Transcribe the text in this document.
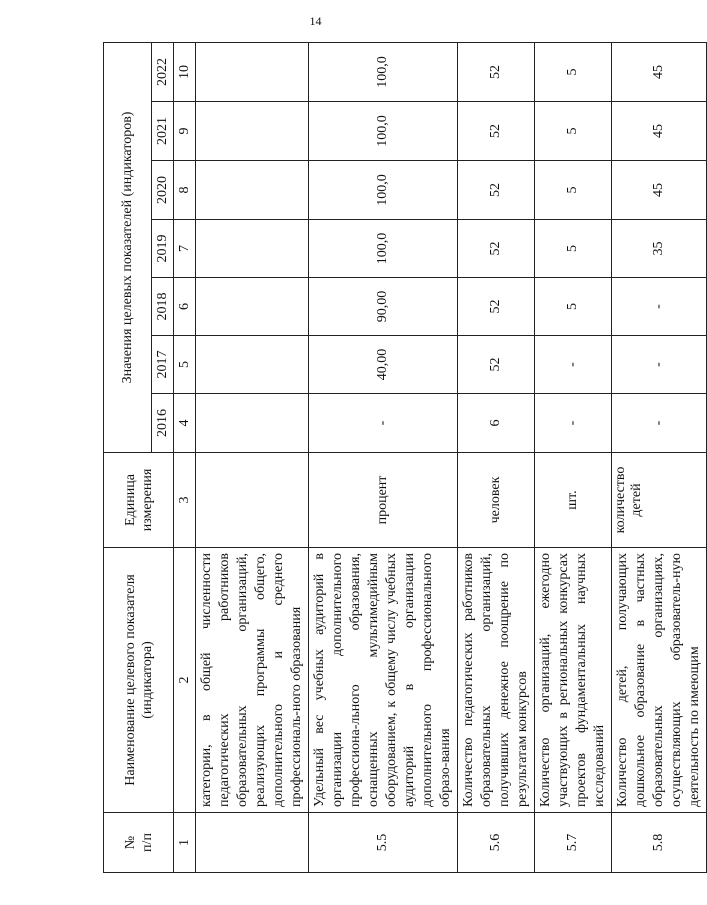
14
№ п/п	Наименование целевого показателя (индикатора)	Единица измерения	Значения целевых показателей (индикаторов)						
			2016	2017	2018	2019	2020	2021	2022
1	2	3	4	5	6	7	8	9	10
	категории, в общей численности педагогических работников образовательных организаций, реализующих программы общего, дополнительного и среднего профессиональ-ного образования								
5.5	Удельный вес учебных аудиторий в организации дополнительного профессиона-льного образования, оснащенных мультимедийным оборудованием, к общему числу учебных аудиторий в организации дополнительного профессионального образо-вания	процент	-	40,00	90,00	100,0	100,0	100,0	100,0
5.6	Количество педагогических работников образовательных организаций, получивших денежное поощрение по результатам конкурсов	человек	6	52	52	52	52	52	52
5.7	Количество организаций, ежегодно участвующих в региональных конкурсах проектов фундаментальных научных исследований	шт.	-	-	5	5	5	5	5
5.8	Количество детей, получающих дошкольное образование в частных образовательных организациях, осуществляющих образователь-ную деятельность по имеющим	количество детей	-	-	-	35	45	45	45
